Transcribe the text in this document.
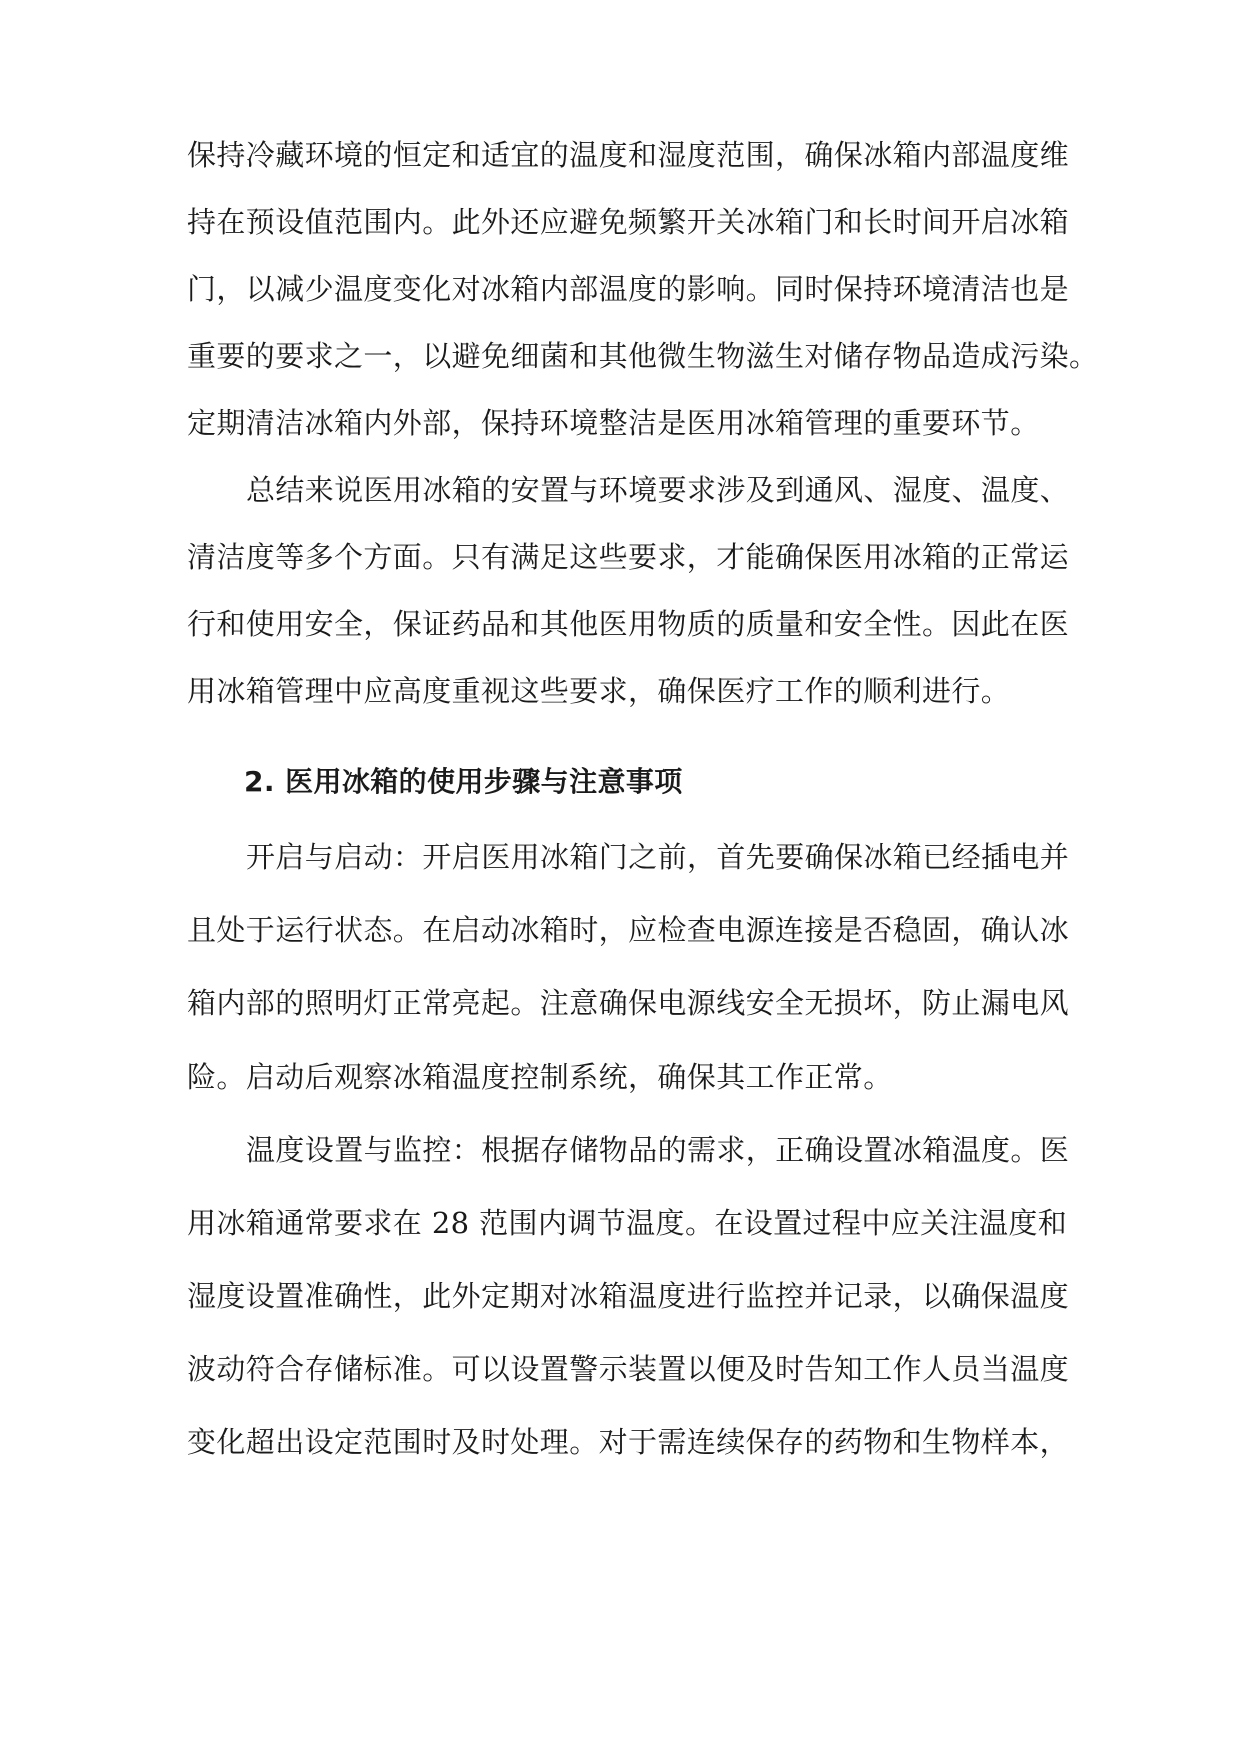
保持冷藏环境的恒定和适宜的温度和湿度范围，确保冰箱内部温度维
持在预设值范围内。此外还应避免频繁开关冰箱门和长时间开启冰箱
门，以减少温度变化对冰箱内部温度的影响。同时保持环境清洁也是
重要的要求之一，以避免细菌和其他微生物滋生对储存物品造成污染。
定期清洁冰箱内外部，保持环境整洁是医用冰箱管理的重要环节。
总结来说医用冰箱的安置与环境要求涉及到通风、湿度、温度、
清洁度等多个方面。只有满足这些要求，才能确保医用冰箱的正常运
行和使用安全，保证药品和其他医用物质的质量和安全性。因此在医
用冰箱管理中应高度重视这些要求，确保医疗工作的顺利进行。
2. 医用冰箱的使用步骤与注意事项
开启与启动：开启医用冰箱门之前，首先要确保冰箱已经插电并
且处于运行状态。在启动冰箱时，应检查电源连接是否稳固，确认冰
箱内部的照明灯正常亮起。注意确保电源线安全无损坏，防止漏电风
险。启动后观察冰箱温度控制系统，确保其工作正常。
温度设置与监控：根据存储物品的需求，正确设置冰箱温度。医
用冰箱通常要求在 28 范围内调节温度。在设置过程中应关注温度和
湿度设置准确性，此外定期对冰箱温度进行监控并记录，以确保温度
波动符合存储标准。可以设置警示装置以便及时告知工作人员当温度
变化超出设定范围时及时处理。对于需连续保存的药物和生物样本，
